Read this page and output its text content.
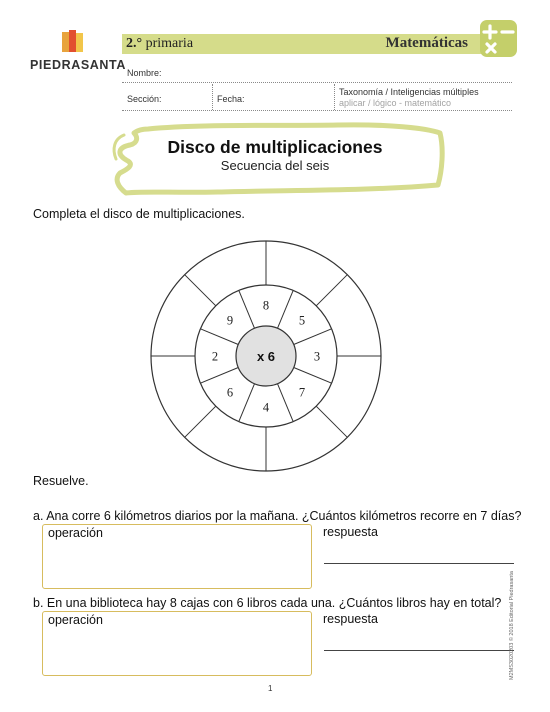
PIEDRASANTA
2.° primaria	Matemáticas
Nombre:
Sección:	Fecha:
Taxonomía / Inteligencias múltiples
aplicar / lógico - matemático
Disco de multiplicaciones
Secuencia del seis
Completa el disco de multiplicaciones.
x 6
5
3
7
4
6
2
9
8
Resuelve.
a. Ana corre 6 kilómetros diarios por la mañana. ¿Cuántos kilómetros recorre en 7 días?
operación	respuesta
b. En una biblioteca hay 8 cajas con 6 libros cada una. ¿Cuántos libros hay en total?
operación	respuesta	M2MS3020203 © 2018 Editorial Piedrasanta
1
